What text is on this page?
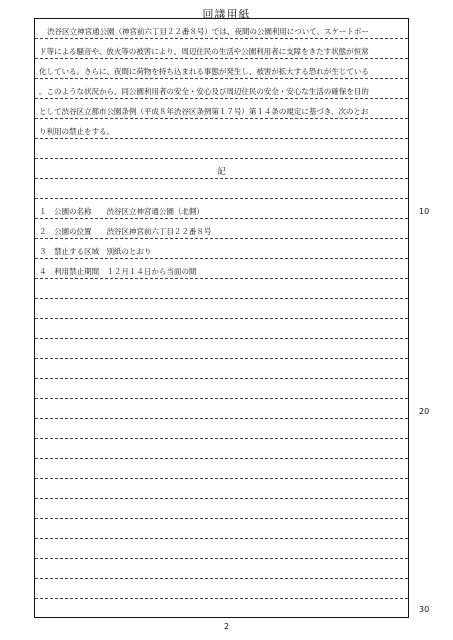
回議用紙
渋谷区立神宮通公園（神宮前六丁目２２番８号）では、夜間の公園利用について、スケートボー
ド等による騒音や、放火等の被害により、周辺住民の生活や公園利用者に支障をきたす状態が恒常
化している。さらに、夜間に荷物を持ち込まれる事態が発生し、被害が拡大する恐れが生じている
。このような状況から、同公園利用者の安全・安心及び周辺住民の安全・安心な生活の確保を目的
として渋谷区立都市公園条例（平成８年渋谷区条例第１７号）第１４条の規定に基づき、次のとお
り利用の禁止をする。
記
１　公園の名称　　渋谷区立神宮通公園（北側）
２　公園の位置　　渋谷区神宮前六丁目２２番８号
３　禁止する区域　別紙のとおり
４　利用禁止期間　１２月１４日から当面の間
10
20
30
2
